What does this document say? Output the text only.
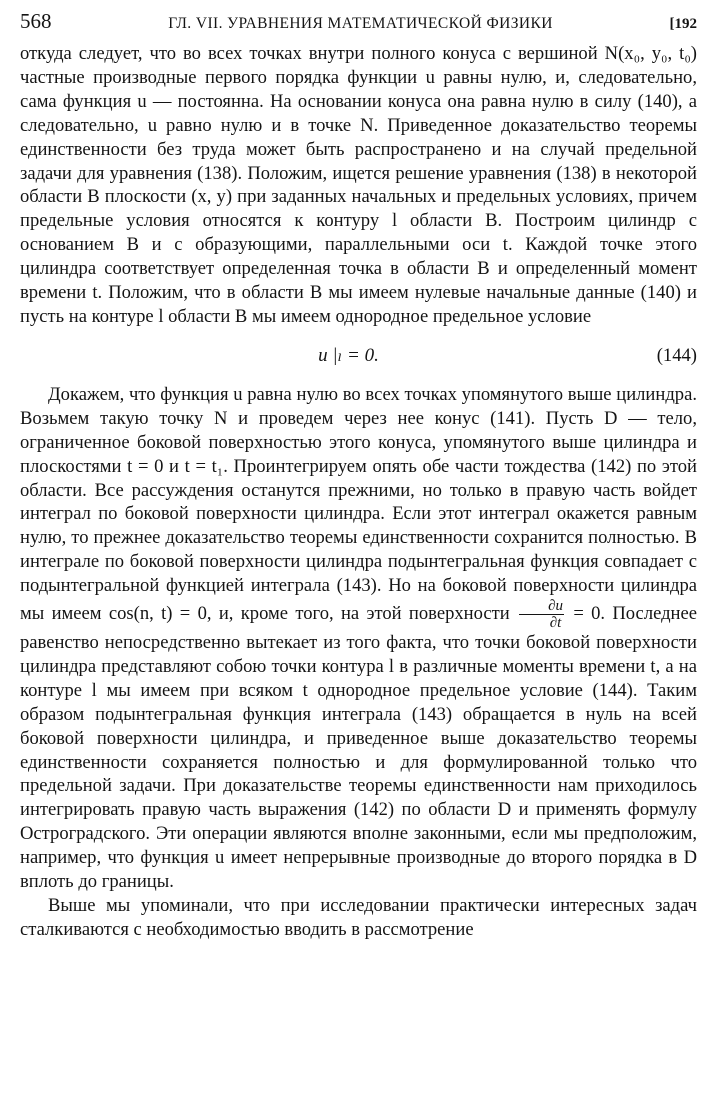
568	ГЛ. VII. УРАВНЕНИЯ МАТЕМАТИЧЕСКОЙ ФИЗИКИ	[192

откуда следует, что во всех точках внутри полного конуса с вершиной N(x₀, y₀, t₀) частные производные первого порядка функции u равны нулю, и, следовательно, сама функция u — постоянна. На основании конуса она равна нулю в силу (140), а следовательно, u равно нулю и в точке N. Приведенное доказательство теоремы единственности без труда может быть распространено и на случай предельной задачи для уравнения (138). Положим, ищется решение уравнения (138) в некоторой области B плоскости (x, y) при заданных начальных и предельных условиях, причем предельные условия относятся к контуру l области B. Построим цилиндр с основанием B и с образующими, параллельными оси t. Каждой точке этого цилиндра соответствует определенная точка в области B и определенный момент времени t. Положим, что в области B мы имеем нулевые начальные данные (140) и пусть на контуре l области B мы имеем однородное предельное условие

u |ₗ = 0.	(144)

Докажем, что функция u равна нулю во всех точках упомянутого выше цилиндра. Возьмем такую точку N и проведем через нее конус (141). Пусть D — тело, ограниченное боковой поверхностью этого конуса, упомянутого выше цилиндра и плоскостями t = 0 и t = t₁. Проинтегрируем опять обе части тождества (142) по этой области. Все рассуждения останутся прежними, но только в правую часть войдет интеграл по боковой поверхности цилиндра. Если этот интеграл окажется равным нулю, то прежнее доказательство теоремы единственности сохранится полностью. В интеграле по боковой поверхности цилиндра подынтегральная функция совпадает с подынтегральной функцией интеграла (143). Но на боковой поверхности цилиндра мы имеем cos(n, t) = 0, и, кроме того, на этой поверхности $\frac{\partial u}{\partial t} = 0$. Последнее равенство непосредственно вытекает из того факта, что точки боковой поверхности цилиндра представляют собою точки контура l в различные моменты времени t, а на контуре l мы имеем при всяком t однородное предельное условие (144). Таким образом подынтегральная функция интеграла (143) обращается в нуль на всей боковой поверхности цилиндра, и приведенное выше доказательство теоремы единственности сохраняется полностью и для формулированной только что предельной задачи. При доказательстве теоремы единственности нам приходилось интегрировать правую часть выражения (142) по области D и применять формулу Остроградского. Эти операции являются вполне законными, если мы предположим, например, что функция u имеет непрерывные производные до второго порядка в D вплоть до границы.

Выше мы упоминали, что при исследовании практически интересных задач сталкиваются с необходимостью вводить в рассмотрение
